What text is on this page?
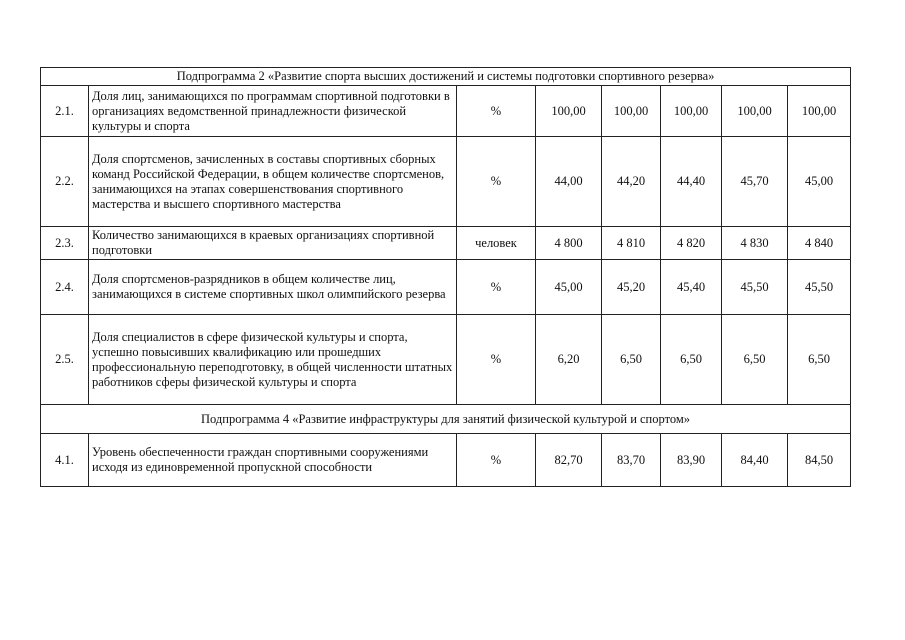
Подпрограмма 2 «Развитие спорта высших достижений и системы подготовки спортивного резерва»							
2.1.	Доля лиц, занимающихся по программам спортивной подготовки в организациях ведомственной принадлежности физической культуры и спорта	%	100,00	100,00	100,00	100,00	100,00
2.2.	Доля спортсменов, зачисленных в составы спортивных сборных команд Российской Федерации, в общем количестве спортсменов, занимающихся на этапах совершенствования спортивного мастерства и высшего спортивного мастерства	%	44,00	44,20	44,40	45,70	45,00
2.3.	Количество занимающихся в краевых организациях спортивной подготовки	человек	4 800	4 810	4 820	4 830	4 840
2.4.	Доля спортсменов-разрядников в общем количестве лиц, занимающихся в системе спортивных школ олимпийского резерва	%	45,00	45,20	45,40	45,50	45,50
2.5.	Доля специалистов в сфере физической культуры и спорта, успешно повысивших квалификацию или прошедших профессиональную переподготовку, в общей численности штатных работников сферы физической культуры и спорта	%	6,20	6,50	6,50	6,50	6,50
Подпрограмма 4 «Развитие инфраструктуры для занятий физической культурой и спортом»							
4.1.	Уровень обеспеченности граждан спортивными сооружениями исходя из единовременной пропускной способности	%	82,70	83,70	83,90	84,40	84,50
